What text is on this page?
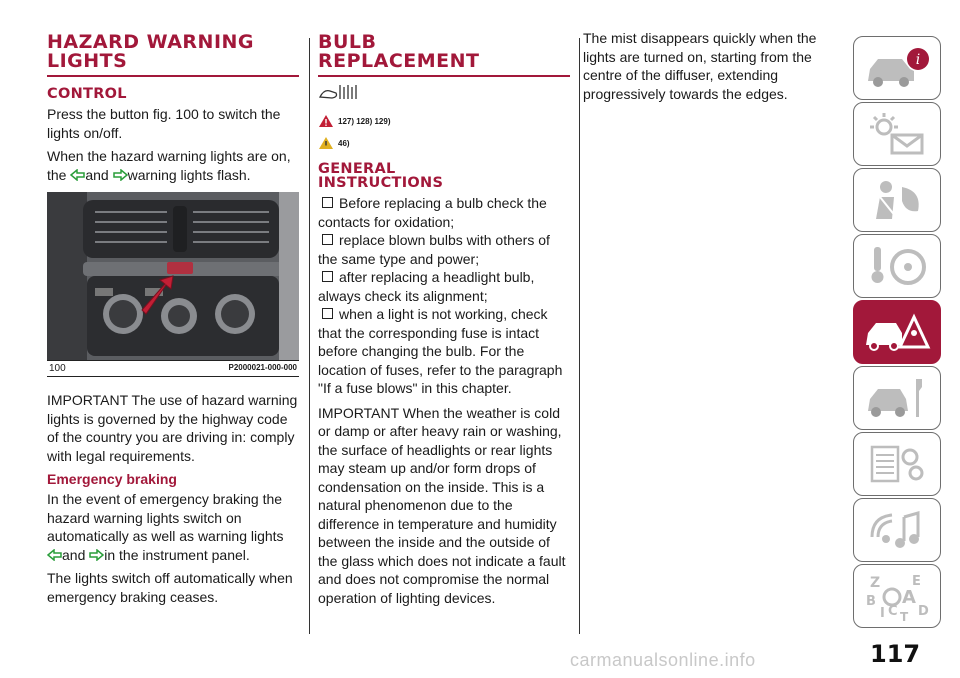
HAZARD WARNING LIGHTS
CONTROL

Press the button fig. 100 to switch the lights on/off.

When the hazard warning lights are on, the and warning lights flash.

100	P2000021-000-000

IMPORTANT The use of hazard warning lights is governed by the highway code of the country you are driving in: comply with legal requirements.

Emergency braking

In the event of emergency braking the hazard warning lights switch on automatically as well as warning lights
and in the instrument panel.

The lights switch off automatically when emergency braking ceases.

BULB REPLACEMENT
127) 128) 129)
46)
GENERAL INSTRUCTIONS

Before replacing a bulb check the contacts for oxidation;

replace blown bulbs with others of the same type and power;

after replacing a headlight bulb, always check its alignment;

when a light is not working, check that the corresponding fuse is intact before changing the bulb. For the location of fuses, refer to the paragraph "If a fuse blows" in this chapter.

IMPORTANT When the weather is cold or damp or after heavy rain or washing, the surface of headlights or rear lights may steam up and/or form drops of condensation on the inside. This is a natural phenomenon due to the difference in temperature and humidity between the inside and the outside of the glass which does not indicate a fault and does not compromise the normal operation of lighting devices.

The mist disappears quickly when the lights are turned on, starting from the centre of the diffuser, extending progressively towards the edges.

i
Z E
B A
D
I C T
117
carmanualsonline.info
